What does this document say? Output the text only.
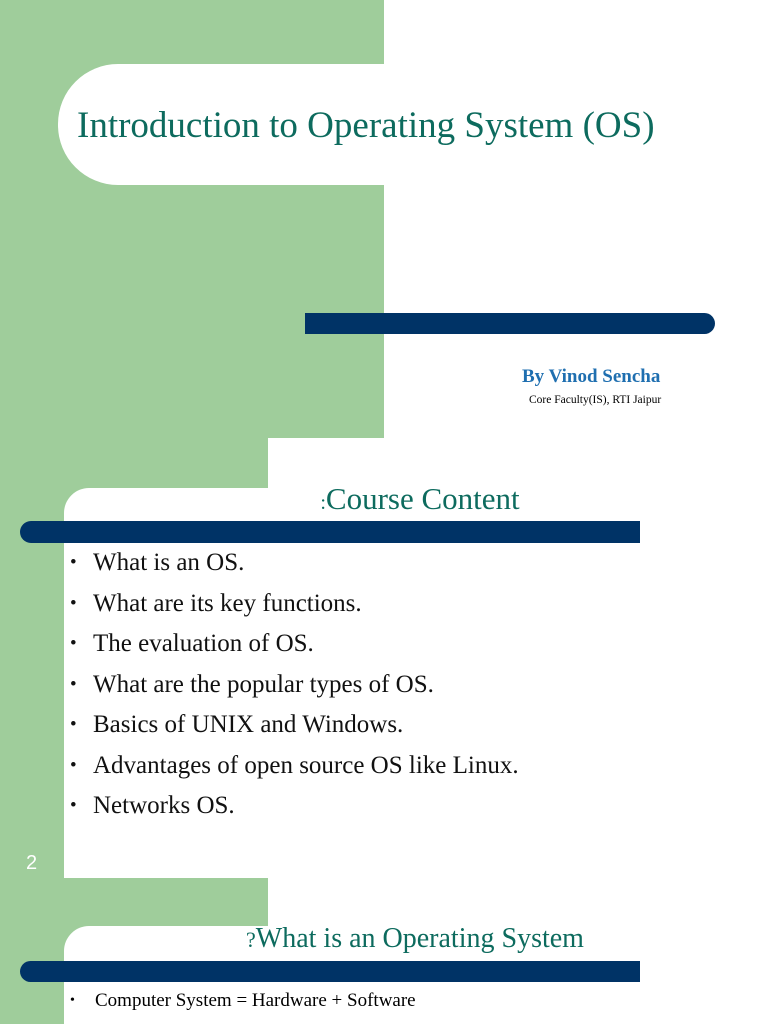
Introduction to Operating System (OS)
By Vinod Sencha
Core Faculty(IS), RTI Jaipur
:Course Content
• What is an OS.
• What are its key functions.
• The evaluation of OS.
• What are the popular types of OS.
• Basics of UNIX and Windows.
• Advantages of open source OS like Linux.
• Networks OS.
2
?What is an Operating System
• Computer System = Hardware + Software
